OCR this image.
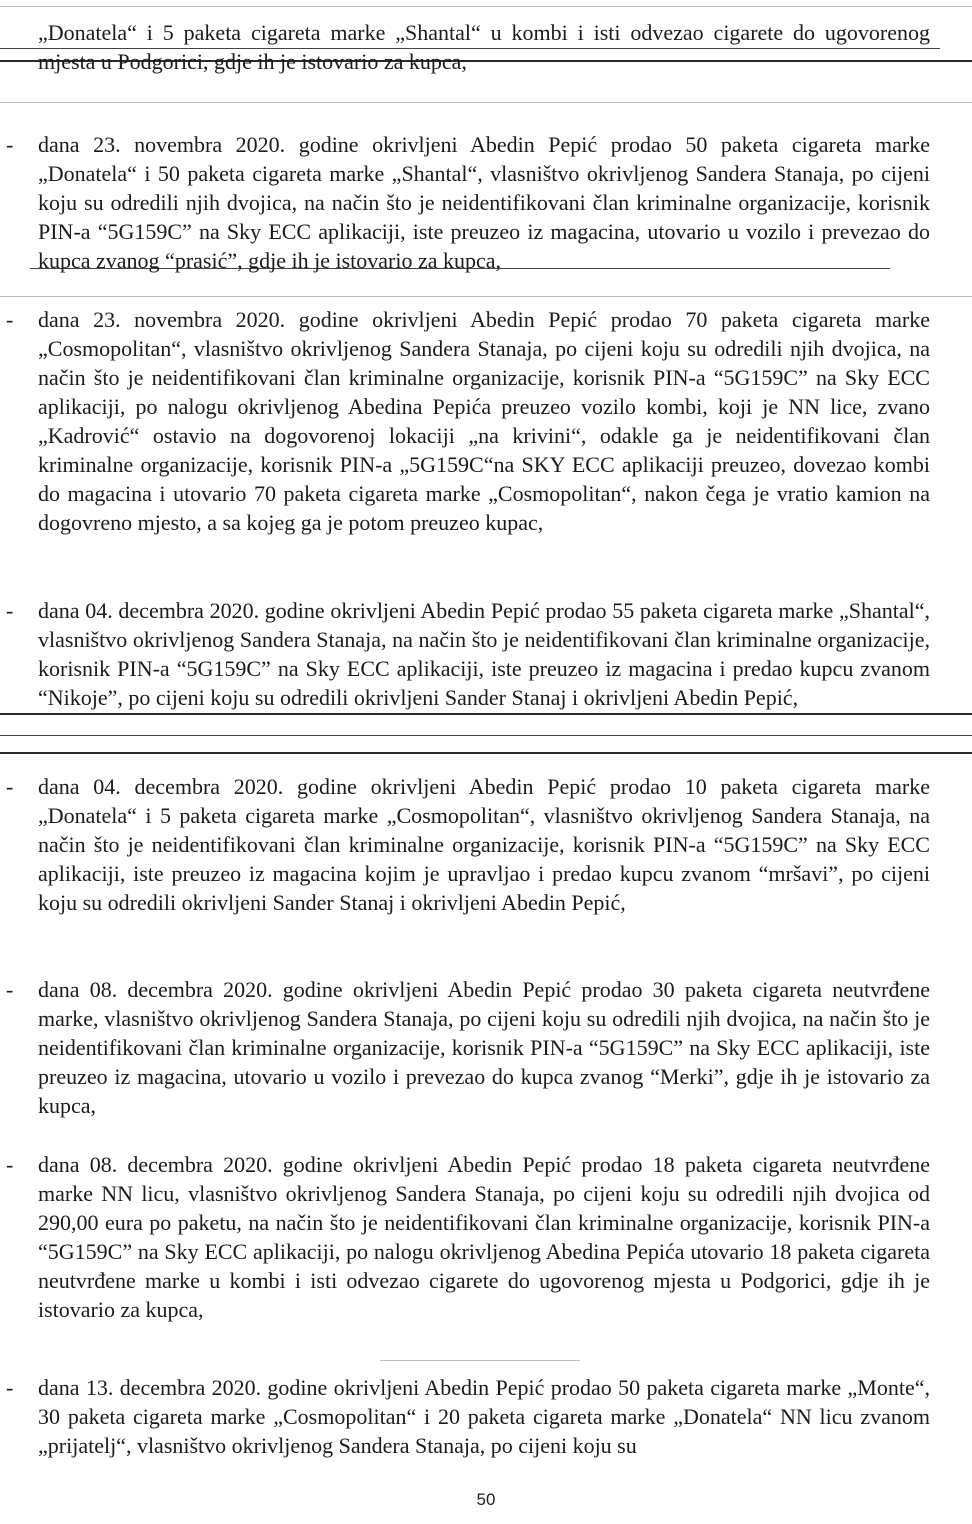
„Donatela“ i 5 paketa cigareta marke „Shantal“ u kombi i isti odvezao cigarete do ugovorenog mjesta u Podgorici, gdje ih je istovario za kupca,

- dana 23. novembra 2020. godine okrivljeni Abedin Pepić prodao 50 paketa cigareta marke „Donatela“ i 50 paketa cigareta marke „Shantal“, vlasništvo okrivljenog Sandera Stanaja, po cijeni koju su odredili njih dvojica, na način što je neidentifikovani član kriminalne organizacije, korisnik PIN-a “5G159C” na Sky ECC aplikaciji, iste preuzeo iz magacina, utovario u vozilo i prevezao do kupca zvanog “prasić”, gdje ih je istovario za kupca,

- dana 23. novembra 2020. godine okrivljeni Abedin Pepić prodao 70 paketa cigareta marke „Cosmopolitan“, vlasništvo okrivljenog Sandera Stanaja, po cijeni koju su odredili njih dvojica, na način što je neidentifikovani član kriminalne organizacije, korisnik PIN-a “5G159C” na Sky ECC aplikaciji, po nalogu okrivljenog Abedina Pepića preuzeo vozilo kombi, koji je NN lice, zvano „Kadrović“ ostavio na dogovorenoj lokaciji „na krivini“, odakle ga je neidentifikovani član kriminalne organizacije, korisnik PIN-a „5G159C“na SKY ECC aplikaciji preuzeo, dovezao kombi do magacina i utovario 70 paketa cigareta marke „Cosmopolitan“, nakon čega je vratio kamion na dogovreno mjesto, a sa kojeg ga je potom preuzeo kupac,

- dana 04. decembra 2020. godine okrivljeni Abedin Pepić prodao 55 paketa cigareta marke „Shantal“, vlasništvo okrivljenog Sandera Stanaja, na način što je neidentifikovani član kriminalne organizacije, korisnik PIN-a “5G159C” na Sky ECC aplikaciji, iste preuzeo iz magacina i predao kupcu zvanom “Nikoje”, po cijeni koju su odredili okrivljeni Sander Stanaj i okrivljeni Abedin Pepić,

- dana 04. decembra 2020. godine okrivljeni Abedin Pepić prodao 10 paketa cigareta marke „Donatela“ i 5 paketa cigareta marke „Cosmopolitan“, vlasništvo okrivljenog Sandera Stanaja, na način što je neidentifikovani član kriminalne organizacije, korisnik PIN-a “5G159C” na Sky ECC aplikaciji, iste preuzeo iz magacina kojim je upravljao i predao kupcu zvanom “mršavi”, po cijeni koju su odredili okrivljeni Sander Stanaj i okrivljeni Abedin Pepić,

- dana 08. decembra 2020. godine okrivljeni Abedin Pepić prodao 30 paketa cigareta neutvrđene marke, vlasništvo okrivljenog Sandera Stanaja, po cijeni koju su odredili njih dvojica, na način što je neidentifikovani član kriminalne organizacije, korisnik PIN-a “5G159C” na Sky ECC aplikaciji, iste preuzeo iz magacina, utovario u vozilo i prevezao do kupca zvanog “Merki”, gdje ih je istovario za kupca,

- dana 08. decembra 2020. godine okrivljeni Abedin Pepić prodao 18 paketa cigareta neutvrđene marke NN licu, vlasništvo okrivljenog Sandera Stanaja, po cijeni koju su odredili njih dvojica od 290,00 eura po paketu, na način što je neidentifikovani član kriminalne organizacije, korisnik PIN-a “5G159C” na Sky ECC aplikaciji, po nalogu okrivljenog Abedina Pepića utovario 18 paketa cigareta neutvrđene marke u kombi i isti odvezao cigarete do ugovorenog mjesta u Podgorici, gdje ih je istovario za kupca,

- dana 13. decembra 2020. godine okrivljeni Abedin Pepić prodao 50 paketa cigareta marke „Monte“, 30 paketa cigareta marke „Cosmopolitan“ i 20 paketa cigareta marke „Donatela“ NN licu zvanom „prijatelj“, vlasništvo okrivljenog Sandera Stanaja, po cijeni koju su

50
